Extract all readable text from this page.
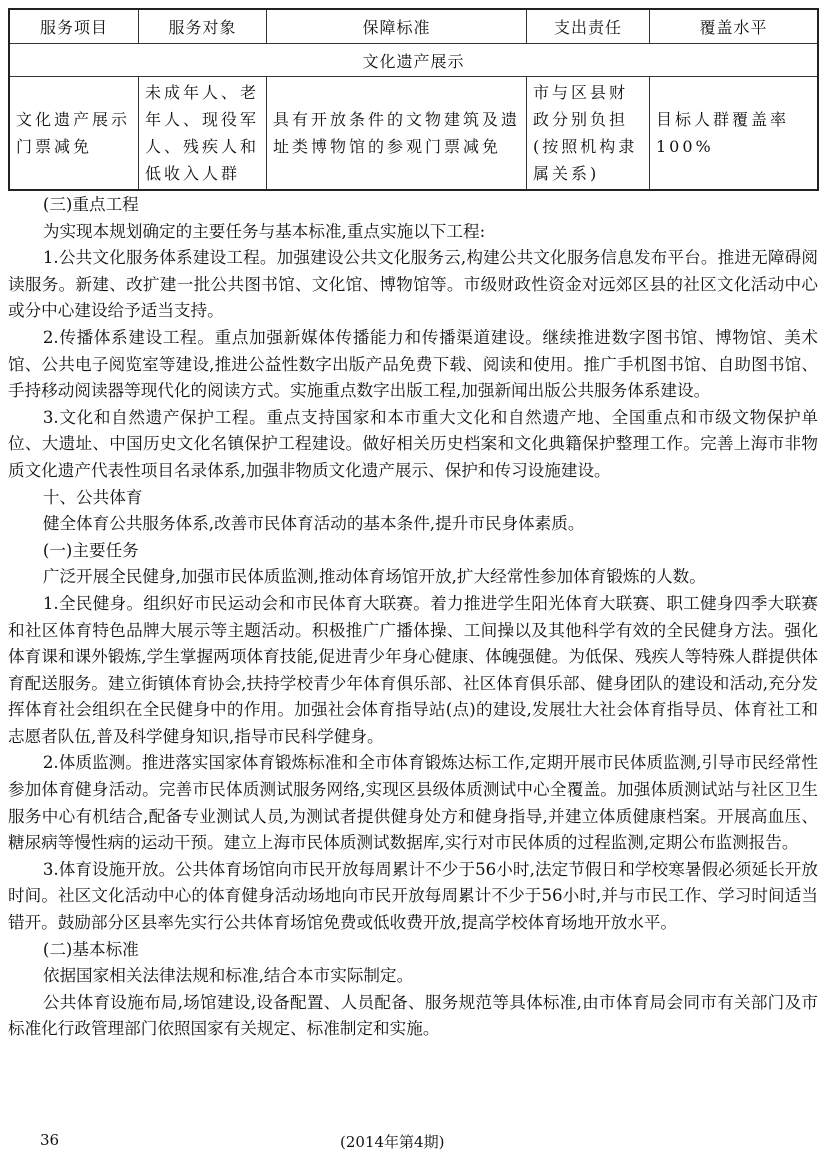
服务项目	服务对象	保障标准	支出责任	覆盖水平
文化遗产展示				
文化遗产展示门票减免	未成年人、老年人、现役军人、残疾人和低收入人群	具有开放条件的文物建筑及遗址类博物馆的参观门票减免	市与区县财政分别负担(按照机构隶属关系)	目标人群覆盖率100%

(三)重点工程

为实现本规划确定的主要任务与基本标准,重点实施以下工程:

1.公共文化服务体系建设工程。加强建设公共文化服务云,构建公共文化服务信息发布平台。推进无障碍阅读服务。新建、改扩建一批公共图书馆、文化馆、博物馆等。市级财政性资金对远郊区县的社区文化活动中心或分中心建设给予适当支持。

2.传播体系建设工程。重点加强新媒体传播能力和传播渠道建设。继续推进数字图书馆、博物馆、美术馆、公共电子阅览室等建设,推进公益性数字出版产品免费下载、阅读和使用。推广手机图书馆、自助图书馆、手持移动阅读器等现代化的阅读方式。实施重点数字出版工程,加强新闻出版公共服务体系建设。

3.文化和自然遗产保护工程。重点支持国家和本市重大文化和自然遗产地、全国重点和市级文物保护单位、大遗址、中国历史文化名镇保护工程建设。做好相关历史档案和文化典籍保护整理工作。完善上海市非物质文化遗产代表性项目名录体系,加强非物质文化遗产展示、保护和传习设施建设。

十、公共体育

健全体育公共服务体系,改善市民体育活动的基本条件,提升市民身体素质。

(一)主要任务

广泛开展全民健身,加强市民体质监测,推动体育场馆开放,扩大经常性参加体育锻炼的人数。

1.全民健身。组织好市民运动会和市民体育大联赛。着力推进学生阳光体育大联赛、职工健身四季大联赛和社区体育特色品牌大展示等主题活动。积极推广广播体操、工间操以及其他科学有效的全民健身方法。强化体育课和课外锻炼,学生掌握两项体育技能,促进青少年身心健康、体魄强健。为低保、残疾人等特殊人群提供体育配送服务。建立街镇体育协会,扶持学校青少年体育俱乐部、社区体育俱乐部、健身团队的建设和活动,充分发挥体育社会组织在全民健身中的作用。加强社会体育指导站(点)的建设,发展壮大社会体育指导员、体育社工和志愿者队伍,普及科学健身知识,指导市民科学健身。

2.体质监测。推进落实国家体育锻炼标准和全市体育锻炼达标工作,定期开展市民体质监测,引导市民经常性参加体育健身活动。完善市民体质测试服务网络,实现区县级体质测试中心全覆盖。加强体质测试站与社区卫生服务中心有机结合,配备专业测试人员,为测试者提供健身处方和健身指导,并建立体质健康档案。开展高血压、糖尿病等慢性病的运动干预。建立上海市民体质测试数据库,实行对市民体质的过程监测,定期公布监测报告。

3.体育设施开放。公共体育场馆向市民开放每周累计不少于56小时,法定节假日和学校寒暑假必须延长开放时间。社区文化活动中心的体育健身活动场地向市民开放每周累计不少于56小时,并与市民工作、学习时间适当错开。鼓励部分区县率先实行公共体育场馆免费或低收费开放,提高学校体育场地开放水平。

(二)基本标准

依据国家相关法律法规和标准,结合本市实际制定。

公共体育设施布局,场馆建设,设备配置、人员配备、服务规范等具体标准,由市体育局会同市有关部门及市标准化行政管理部门依照国家有关规定、标准制定和实施。

36	(2014年第4期)
